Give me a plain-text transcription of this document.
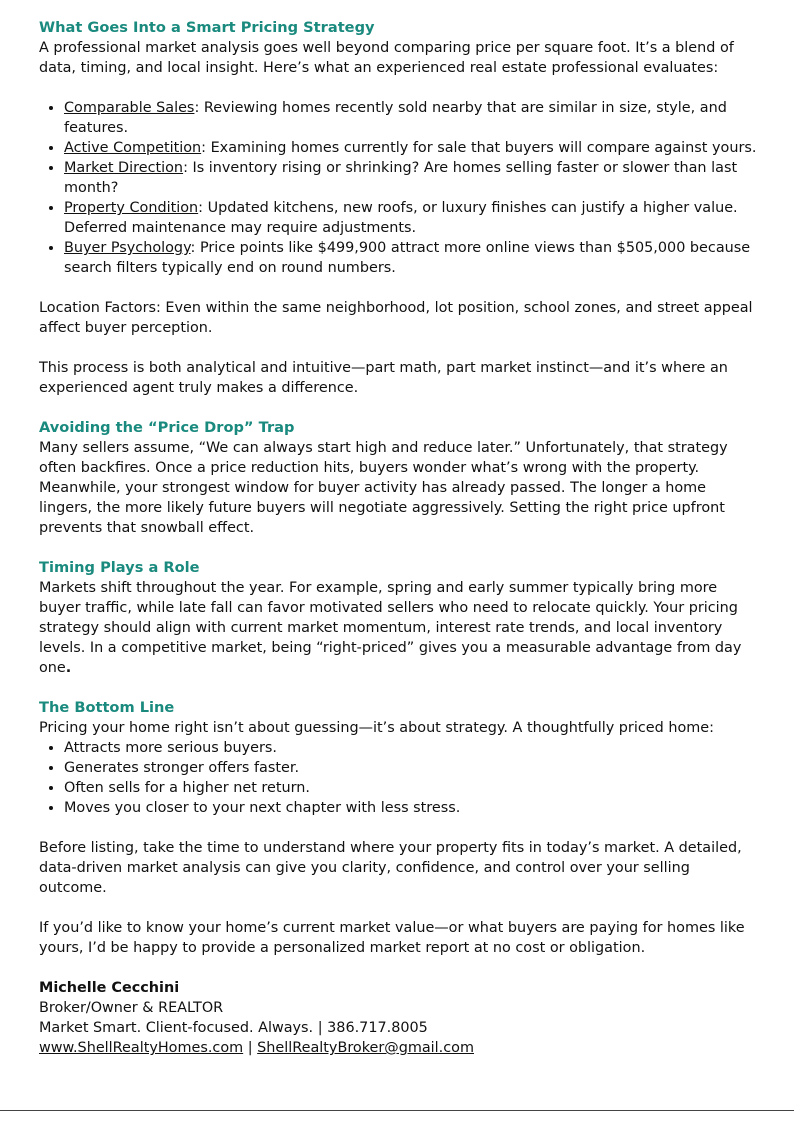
What Goes Into a Smart Pricing Strategy

A professional market analysis goes well beyond comparing price per square foot. It’s a blend of data, timing, and local insight. Here’s what an experienced real estate professional evaluates:

• Comparable Sales: Reviewing homes recently sold nearby that are similar in size, style, and features.
• Active Competition: Examining homes currently for sale that buyers will compare against yours.
• Market Direction: Is inventory rising or shrinking? Are homes selling faster or slower than last month?
• Property Condition: Updated kitchens, new roofs, or luxury finishes can justify a higher value. Deferred maintenance may require adjustments.
• Buyer Psychology: Price points like $499,900 attract more online views than $505,000 because search filters typically end on round numbers.

Location Factors: Even within the same neighborhood, lot position, school zones, and street appeal affect buyer perception.

This process is both analytical and intuitive—part math, part market instinct—and it’s where an experienced agent truly makes a difference.

Avoiding the “Price Drop” Trap

Many sellers assume, “We can always start high and reduce later.” Unfortunately, that strategy often backfires. Once a price reduction hits, buyers wonder what’s wrong with the property. Meanwhile, your strongest window for buyer activity has already passed. The longer a home lingers, the more likely future buyers will negotiate aggressively. Setting the right price upfront prevents that snowball effect.

Timing Plays a Role

Markets shift throughout the year. For example, spring and early summer typically bring more buyer traffic, while late fall can favor motivated sellers who need to relocate quickly. Your pricing strategy should align with current market momentum, interest rate trends, and local inventory levels. In a competitive market, being “right-priced” gives you a measurable advantage from day one.

The Bottom Line

Pricing your home right isn’t about guessing—it’s about strategy. A thoughtfully priced home:

• Attracts more serious buyers.
• Generates stronger offers faster.
• Often sells for a higher net return.
• Moves you closer to your next chapter with less stress.

Before listing, take the time to understand where your property fits in today’s market. A detailed, data-driven market analysis can give you clarity, confidence, and control over your selling outcome.

If you’d like to know your home’s current market value—or what buyers are paying for homes like yours, I’d be happy to provide a personalized market report at no cost or obligation.

Michelle Cecchini

Broker/Owner & REALTOR

Market Smart. Client-focused. Always. | 386.717.8005

www.ShellRealtyHomes.com | ShellRealtyBroker@gmail.com
